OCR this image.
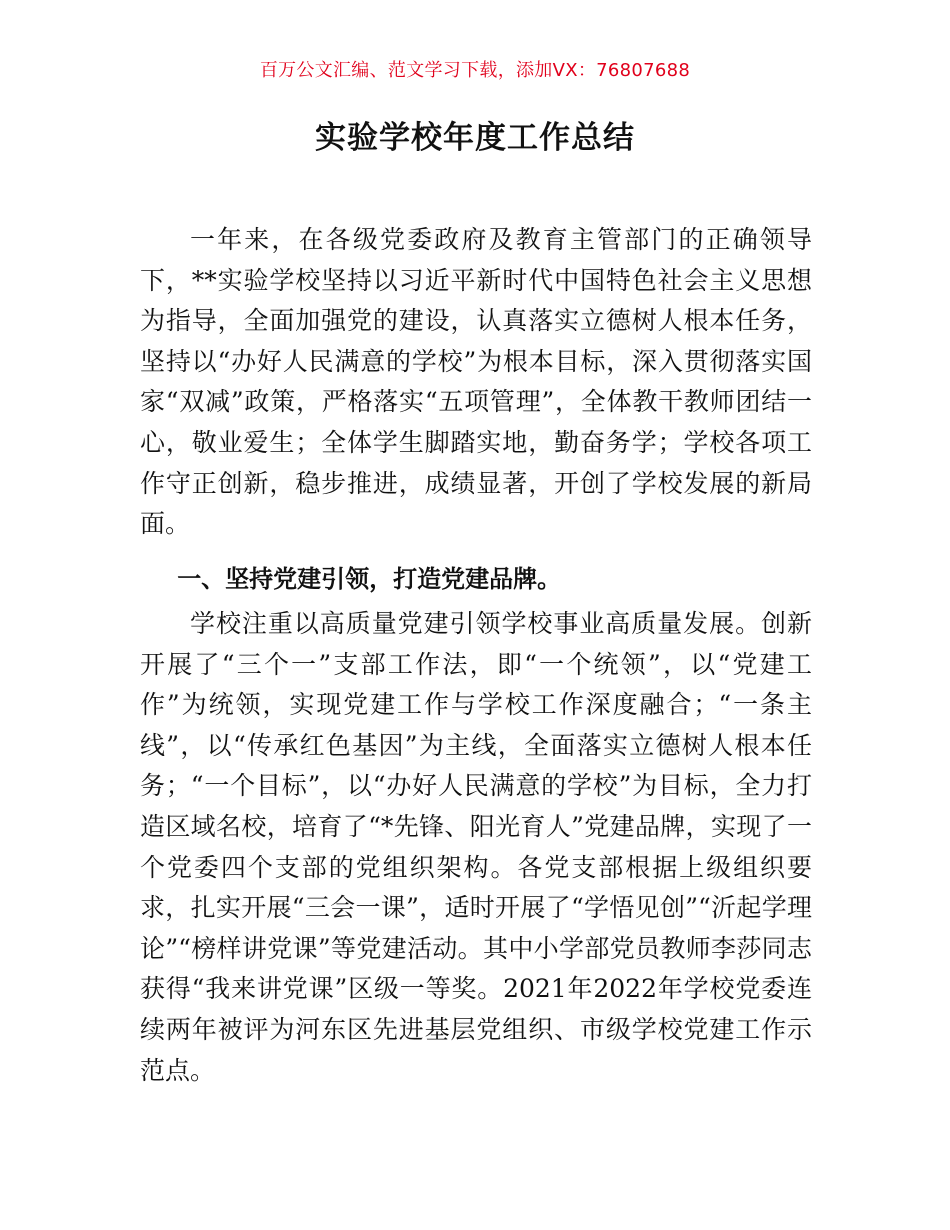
百万公文汇编、范文学习下载，添加VX：76807688
实验学校年度工作总结

一年来，在各级党委政府及教育主管部门的正确领导下，**实验学校坚持以习近平新时代中国特色社会主义思想为指导，全面加强党的建设，认真落实立德树人根本任务，坚持以“办好人民满意的学校”为根本目标，深入贯彻落实国家“双减”政策，严格落实“五项管理”，全体教干教师团结一心，敬业爱生；全体学生脚踏实地，勤奋务学；学校各项工作守正创新，稳步推进，成绩显著，开创了学校发展的新局面。

一、坚持党建引领，打造党建品牌。

学校注重以高质量党建引领学校事业高质量发展。创新开展了“三个一”支部工作法，即“一个统领”，以“党建工作”为统领，实现党建工作与学校工作深度融合；“一条主线”，以“传承红色基因”为主线，全面落实立德树人根本任务；“一个目标”，以“办好人民满意的学校”为目标，全力打造区域名校，培育了“*先锋、阳光育人”党建品牌，实现了一个党委四个支部的党组织架构。各党支部根据上级组织要求，扎实开展“三会一课”，适时开展了“学悟见创”“沂起学理论”“榜样讲党课”等党建活动。其中小学部党员教师李莎同志获得“我来讲党课”区级一等奖。2021年2022年学校党委连续两年被评为河东区先进基层党组织、市级学校党建工作示范点。
